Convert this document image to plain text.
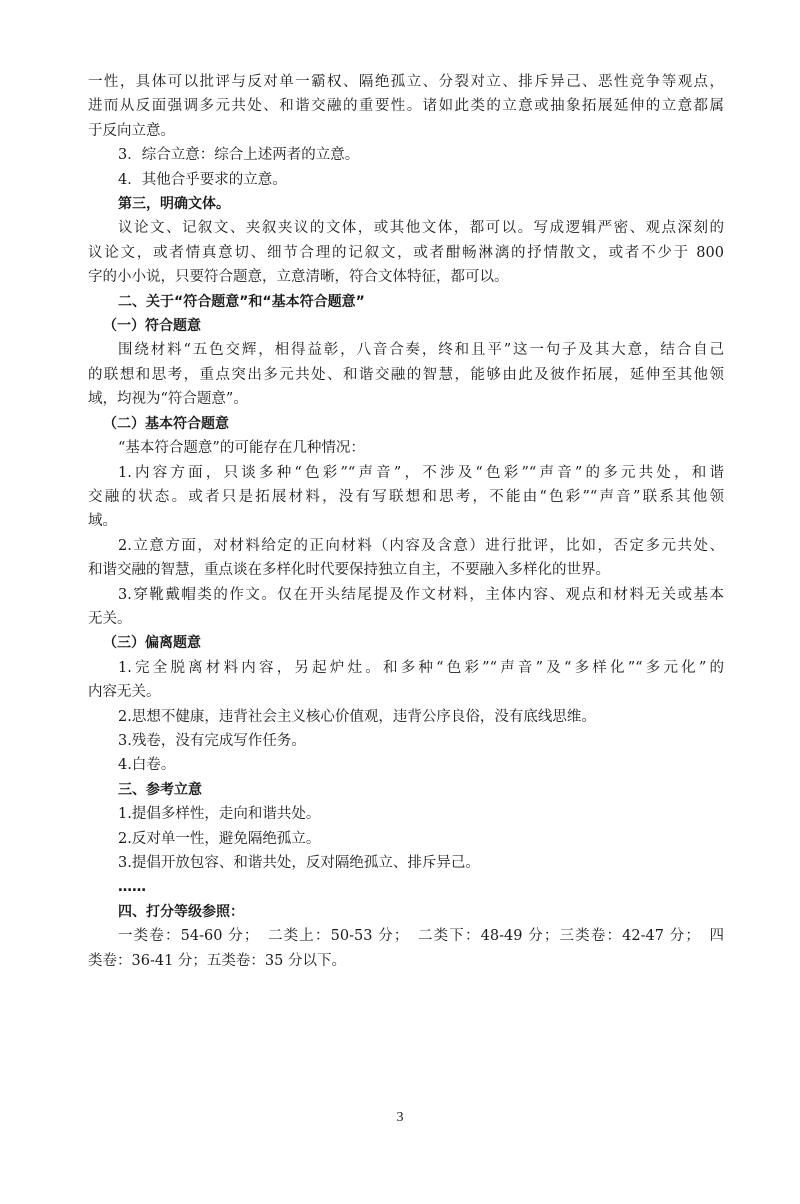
一性，具体可以批评与反对单一霸权、隔绝孤立、分裂对立、排斥异己、恶性竞争等观点，
进而从反面强调多元共处、和谐交融的重要性。诸如此类的立意或抽象拓展延伸的立意都属
于反向立意。
3．综合立意：综合上述两者的立意。
4．其他合乎要求的立意。
第三，明确文体。
议论文、记叙文、夹叙夹议的文体，或其他文体，都可以。写成逻辑严密、观点深刻的
议论文，或者情真意切、细节合理的记叙文，或者酣畅淋漓的抒情散文，或者不少于 800
字的小小说，只要符合题意，立意清晰，符合文体特征，都可以。
二、关于“符合题意”和“基本符合题意”
（一）符合题意
围绕材料“五色交辉，相得益彰，八音合奏，终和且平”这一句子及其大意，结合自己
的联想和思考，重点突出多元共处、和谐交融的智慧，能够由此及彼作拓展，延伸至其他领
域，均视为“符合题意”。
（二）基本符合题意
“基本符合题意”的可能存在几种情况：
1.内容方面，只谈多种“色彩”“声音”，不涉及“色彩”“声音”的多元共处，和谐
交融的状态。或者只是拓展材料，没有写联想和思考，不能由“色彩”“声音”联系其他领
域。
2.立意方面，对材料给定的正向材料（内容及含意）进行批评，比如，否定多元共处、
和谐交融的智慧，重点谈在多样化时代要保持独立自主，不要融入多样化的世界。
3.穿靴戴帽类的作文。仅在开头结尾提及作文材料，主体内容、观点和材料无关或基本
无关。
（三）偏离题意
1.完全脱离材料内容，另起炉灶。和多种“色彩”“声音”及“多样化”“多元化”的
内容无关。
2.思想不健康，违背社会主义核心价值观，违背公序良俗，没有底线思维。
3.残卷，没有完成写作任务。
4.白卷。
三、参考立意
1.提倡多样性，走向和谐共处。
2.反对单一性，避免隔绝孤立。
3.提倡开放包容、和谐共处，反对隔绝孤立、排斥异己。
……
四、打分等级参照：
一类卷：54-60 分；　二类上：50-53 分；　二类下：48-49 分；三类卷：42-47 分；　四
类卷：36-41 分；五类卷：35 分以下。
3
